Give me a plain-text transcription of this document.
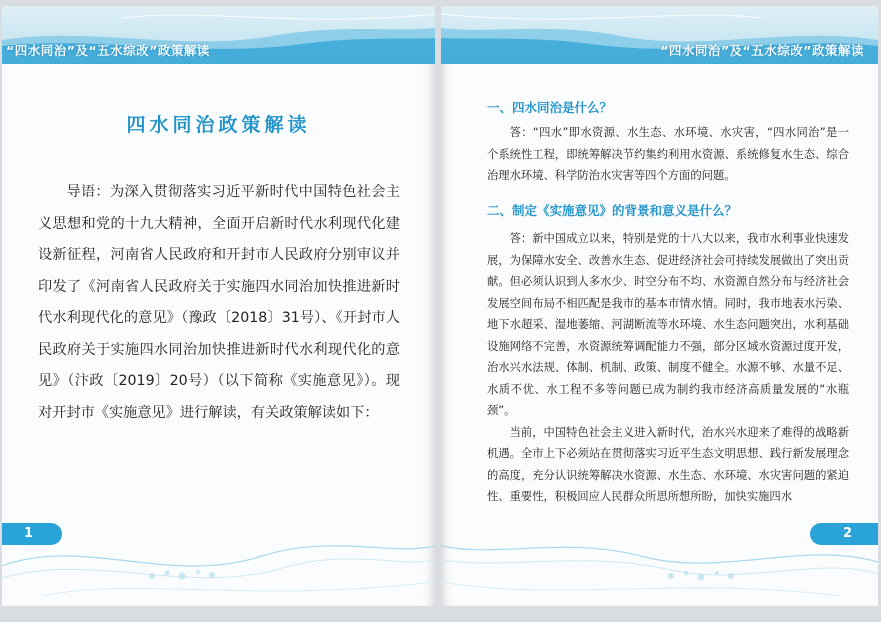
“四水同治”及“五水综改”政策解读
四水同治政策解读

导语：为深入贯彻落实习近平新时代中国特色社会主义思想和党的十九大精神，全面开启新时代水利现代化建设新征程，河南省人民政府和开封市人民政府分别审议并印发了《河南省人民政府关于实施四水同治加快推进新时代水利现代化的意见》（豫政〔2018〕31号）、《开封市人民政府关于实施四水同治加快推进新时代水利现代化的意见》（汴政〔2019〕20号）（以下简称《实施意见》）。现对开封市《实施意见》进行解读，有关政策解读如下：

1
“四水同治”及“五水综改”政策解读
一、四水同治是什么？

答：“四水”即水资源、水生态、水环境、水灾害，“四水同治”是一个系统性工程，即统筹解决节约集约利用水资源、系统修复水生态、综合治理水环境、科学防治水灾害等四个方面的问题。

二、制定《实施意见》的背景和意义是什么？

答：新中国成立以来，特别是党的十八大以来，我市水利事业快速发展，为保障水安全、改善水生态、促进经济社会可持续发展做出了突出贡献。但必须认识到人多水少、时空分布不均、水资源自然分布与经济社会发展空间布局不相匹配是我市的基本市情水情。同时，我市地表水污染、地下水超采、湿地萎缩、河湖断流等水环境、水生态问题突出，水利基础设施网络不完善，水资源统筹调配能力不强，部分区域水资源过度开发，治水兴水法规、体制、机制、政策、制度不健全。水源不够、水量不足、水质不优、水工程不多等问题已成为制约我市经济高质量发展的“水瓶颈”。

当前，中国特色社会主义进入新时代，治水兴水迎来了难得的战略新机遇。全市上下必须站在贯彻落实习近平生态文明思想、践行新发展理念的高度，充分认识统筹解决水资源、水生态、水环境、水灾害问题的紧迫性、重要性，积极回应人民群众所思所想所盼，加快实施四水

2
